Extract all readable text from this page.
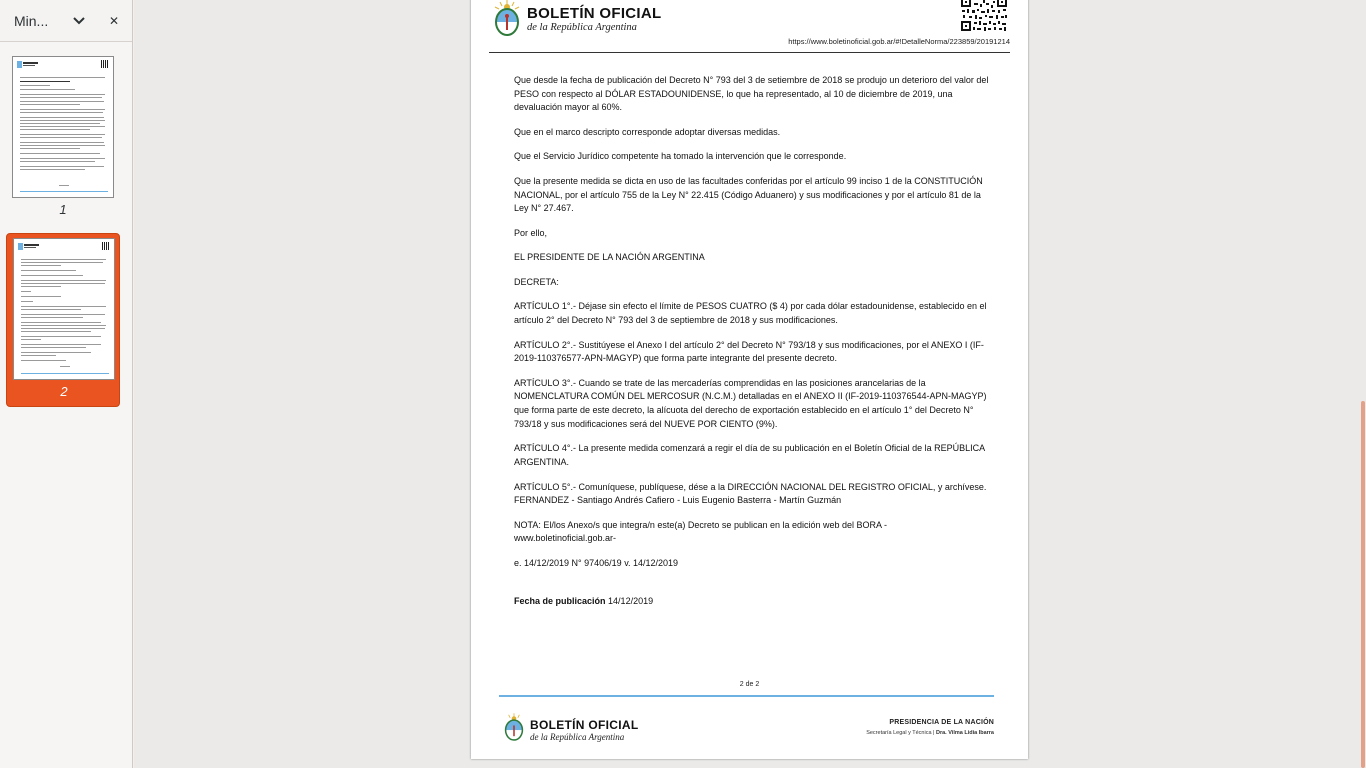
Min...	✕
1
2
BOLETÍN OFICIAL
de la República Argentina
https://www.boletinoficial.gob.ar/#!DetalleNorma/223859/20191214

Que desde la fecha de publicación del Decreto N° 793 del 3 de setiembre de 2018 se produjo un deterioro del valor del PESO con respecto al DÓLAR ESTADOUNIDENSE, lo que ha representado, al 10 de diciembre de 2019, una devaluación mayor al 60%.

Que en el marco descripto corresponde adoptar diversas medidas.

Que el Servicio Jurídico competente ha tomado la intervención que le corresponde.

Que la presente medida se dicta en uso de las facultades conferidas por el artículo 99 inciso 1 de la CONSTITUCIÓN NACIONAL, por el artículo 755 de la Ley N° 22.415 (Código Aduanero) y sus modificaciones y por el artículo 81 de la Ley N° 27.467.

Por ello,

EL PRESIDENTE DE LA NACIÓN ARGENTINA

DECRETA:

ARTÍCULO 1°.- Déjase sin efecto el límite de PESOS CUATRO ($ 4) por cada dólar estadounidense, establecido en el artículo 2° del Decreto N° 793 del 3 de septiembre de 2018 y sus modificaciones.

ARTÍCULO 2°.- Sustitúyese el Anexo I del artículo 2° del Decreto N° 793/18 y sus modificaciones, por el ANEXO I (IF-2019-110376577-APN-MAGYP) que forma parte integrante del presente decreto.

ARTÍCULO 3°.- Cuando se trate de las mercaderías comprendidas en las posiciones arancelarias de la NOMENCLATURA COMÚN DEL MERCOSUR (N.C.M.) detalladas en el ANEXO II (IF-2019-110376544-APN-MAGYP) que forma parte de este decreto, la alícuota del derecho de exportación establecido en el artículo 1° del Decreto N° 793/18 y sus modificaciones será del NUEVE POR CIENTO (9%).

ARTÍCULO 4°.- La presente medida comenzará a regir el día de su publicación en el Boletín Oficial de la REPÚBLICA ARGENTINA.

ARTÍCULO 5°.- Comuníquese, publíquese, dése a la DIRECCIÓN NACIONAL DEL REGISTRO OFICIAL, y archívese. FERNANDEZ - Santiago Andrés Cafiero - Luis Eugenio Basterra - Martín Guzmán

NOTA: El/los Anexo/s que integra/n este(a) Decreto se publican en la edición web del BORA -www.boletinoficial.gob.ar-

e. 14/12/2019 N° 97406/19 v. 14/12/2019

Fecha de publicación 14/12/2019

2 de 2
BOLETÍN OFICIAL
de la República Argentina
PRESIDENCIA DE LA NACIÓN
Secretaría Legal y Técnica | Dra. Vilma Lidia Ibarra
